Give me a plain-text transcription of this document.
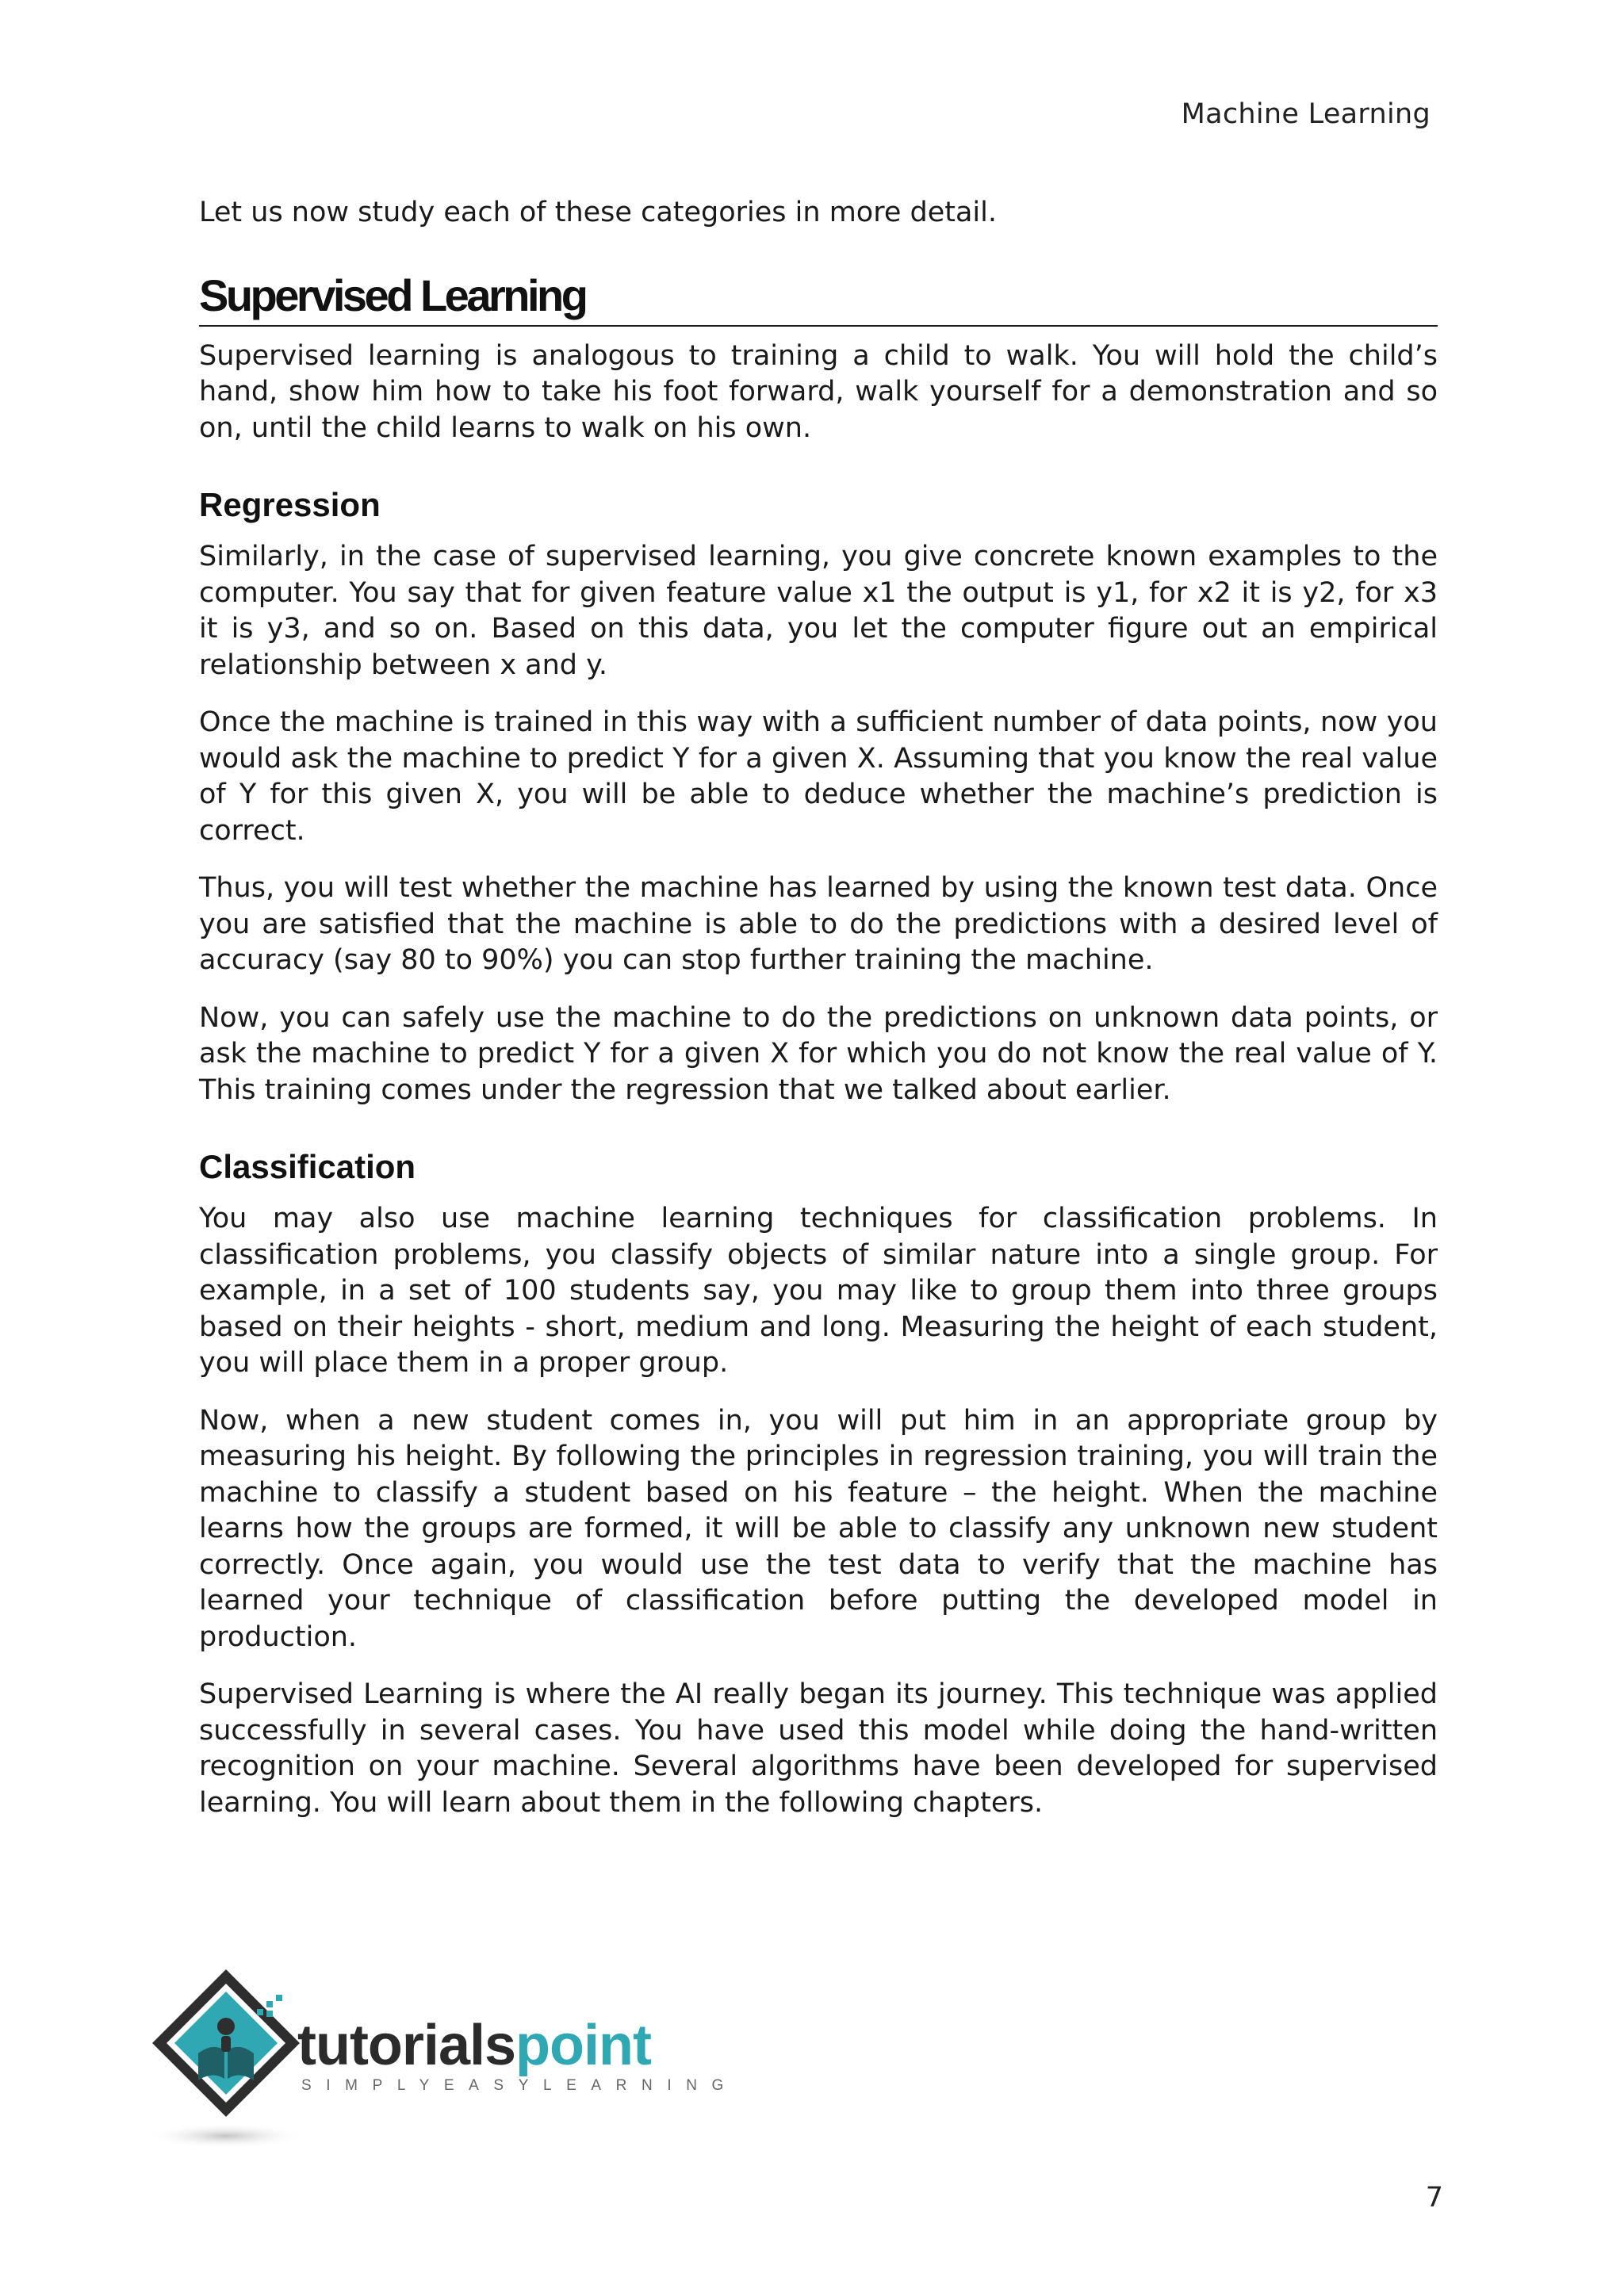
Machine Learning

Let us now study each of these categories in more detail.

Supervised Learning

Supervised learning is analogous to training a child to walk. You will hold the child’s hand, show him how to take his foot forward, walk yourself for a demonstration and so on, until the child learns to walk on his own.

Regression

Similarly, in the case of supervised learning, you give concrete known examples to the computer. You say that for given feature value x1 the output is y1, for x2 it is y2, for x3 it is y3, and so on. Based on this data, you let the computer figure out an empirical relationship between x and y.

Once the machine is trained in this way with a sufficient number of data points, now you would ask the machine to predict Y for a given X. Assuming that you know the real value of Y for this given X, you will be able to deduce whether the machine’s prediction is correct.

Thus, you will test whether the machine has learned by using the known test data. Once you are satisfied that the machine is able to do the predictions with a desired level of accuracy (say 80 to 90%) you can stop further training the machine.

Now, you can safely use the machine to do the predictions on unknown data points, or ask the machine to predict Y for a given X for which you do not know the real value of Y. This training comes under the regression that we talked about earlier.

Classification

You may also use machine learning techniques for classification problems. In classification problems, you classify objects of similar nature into a single group. For example, in a set of 100 students say, you may like to group them into three groups based on their heights - short, medium and long. Measuring the height of each student, you will place them in a proper group.

Now, when a new student comes in, you will put him in an appropriate group by measuring his height. By following the principles in regression training, you will train the machine to classify a student based on his feature – the height. When the machine learns how the groups are formed, it will be able to classify any unknown new student correctly. Once again, you would use the test data to verify that the machine has learned your technique of classification before putting the developed model in production.

Supervised Learning is where the AI really began its journey. This technique was applied successfully in several cases. You have used this model while doing the hand-written recognition on your machine. Several algorithms have been developed for supervised learning. You will learn about them in the following chapters.

tutorialspoint
SIMPLYEASYLEARNING
7
